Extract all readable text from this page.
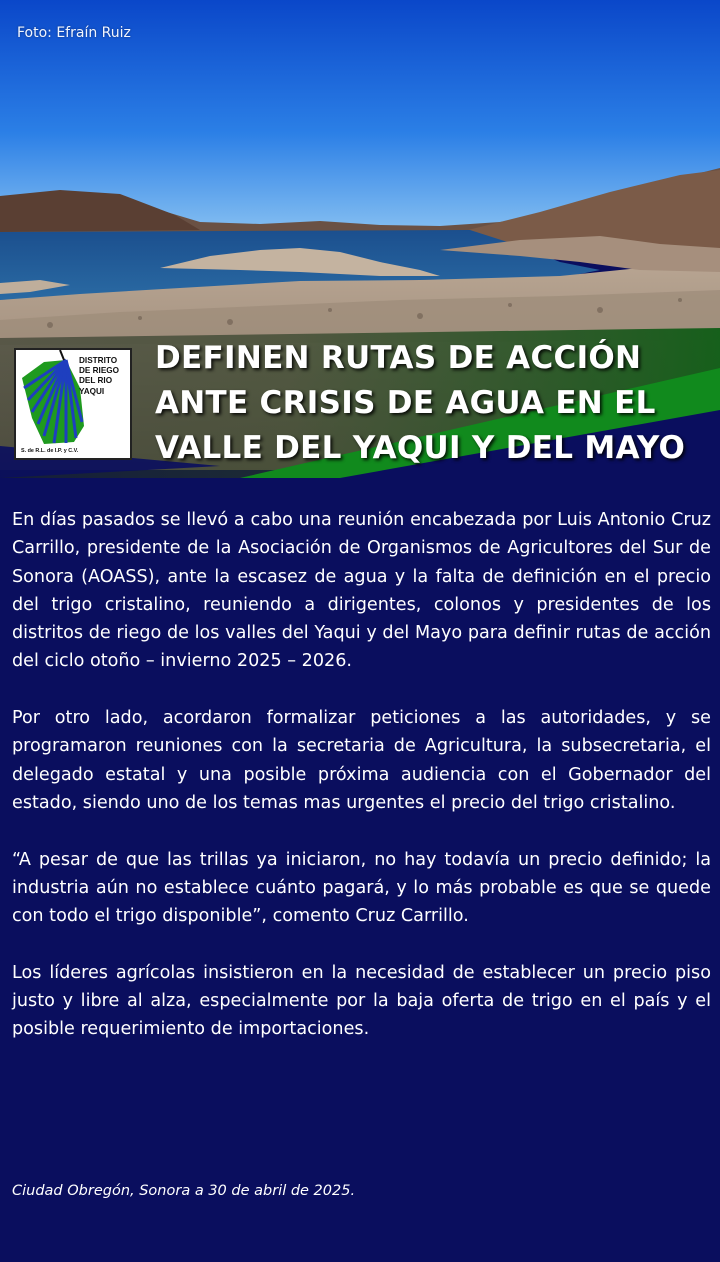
Foto: Efraín Ruiz
DISTRITO
DE RIEGO
DEL RIO
YAQUI
S. de R.L. de I.P. y C.V.
DEFINEN RUTAS DE ACCIÓN
ANTE CRISIS DE AGUA EN EL
VALLE DEL YAQUI Y DEL MAYO

En días pasados se llevó a cabo una reunión encabezada por Luis Antonio Cruz Carrillo, presidente de la Asociación de Organismos de Agricultores del Sur de Sonora (AOASS), ante la escasez de agua y la falta de definición en el precio del trigo cristalino, reuniendo a dirigentes, colonos y presidentes de los distritos de riego de los valles del Yaqui y del Mayo para definir rutas de acción del ciclo otoño – invierno 2025 – 2026.

Por otro lado, acordaron formalizar peticiones a las autoridades, y se programaron reuniones con la secretaria de Agricultura, la subsecretaria, el delegado estatal y una posible próxima audiencia con el Gobernador del estado, siendo uno de los temas mas urgentes el precio del trigo cristalino.

“A pesar de que las trillas ya iniciaron, no hay todavía un precio definido; la industria aún no establece cuánto pagará, y lo más probable es que se quede con todo el trigo disponible”, comento Cruz Carrillo.

Los líderes agrícolas insistieron en la necesidad de establecer un precio piso justo y libre al alza, especialmente por la baja oferta de trigo en el país y el posible requerimiento de importaciones.

Ciudad Obregón, Sonora a 30 de abril de 2025.
